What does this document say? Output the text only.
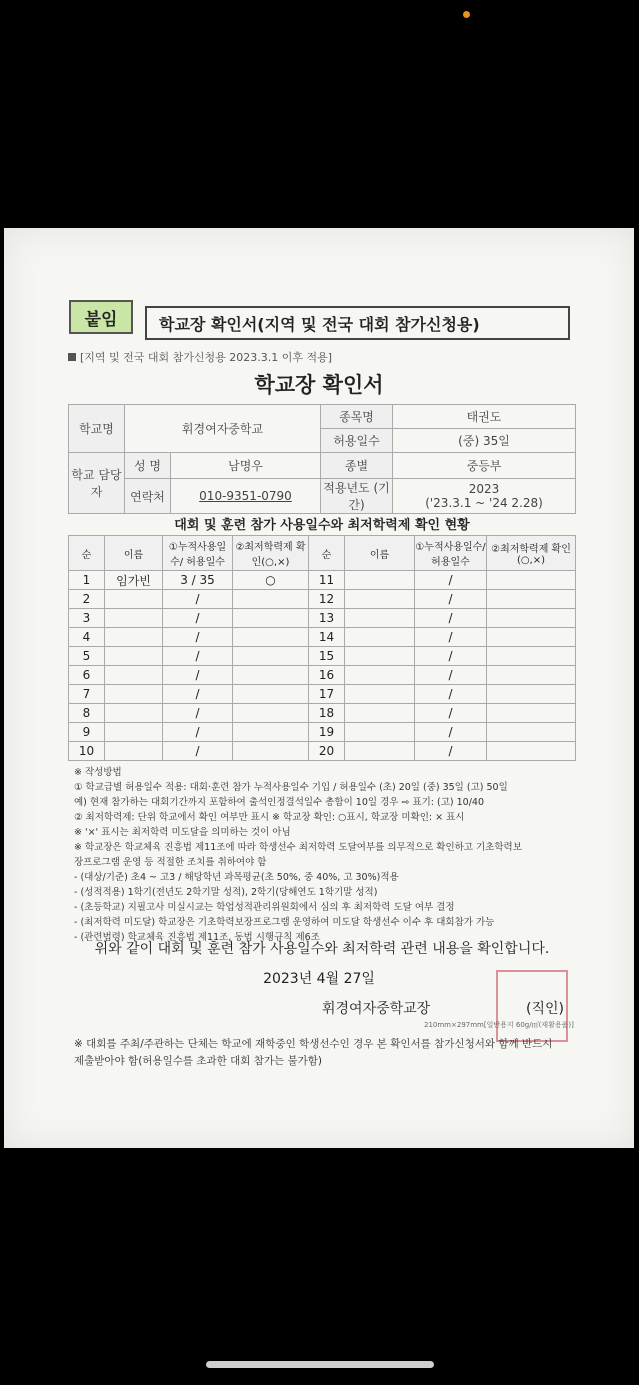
붙임	학교장 확인서(지역 및 전국 대회 참가신청용)
[지역 및 전국 대회 참가신청용 2023.3.1 이후 적용]
학교장 확인서
학교명	휘경여자중학교		종목명	태권도
			허용일수	(중) 35일
학교 담당자	성 명	남명우	종별	중등부
	연락처	010-9351-0790	적용년도 (기간)	2023
('23.3.1 ~ '24 2.28)
대회 및 훈련 참가 사용일수와 최저학력제 확인 현황
순	이름	①누적사용일수/ 허용일수	②최저학력제 확인(○,×)	순	이름	①누적사용일수/ 허용일수	②최저학력제 확인(○,×)
1	임가빈	3 / 35	○	11		/	
2		/		12		/	
3		/		13		/	
4		/		14		/	
5		/		15		/	
6		/		16		/	
7		/		17		/	
8		/		18		/	
9		/		19		/	
10		/		20		/	
※ 작성방법
① 학교급별 허용일수 적용: 대회·훈련 참가 누적사용일수 기입 / 허용일수 (초) 20일 (중) 35일 (고) 50일
예) 현재 참가하는 대회기간까지 포함하여 출석인정결석일수 총합이 10일 경우 ⇨ 표기: (고) 10/40
② 최저학력제: 단위 학교에서 확인 여부만 표시 ※ 학교장 확인: ○표시, 학교장 미확인: × 표시
※ '×' 표시는 최저학력 미도달을 의미하는 것이 아님
※ 학교장은 학교체육 진흥법 제11조에 따라 학생선수 최저학력 도달여부를 의무적으로 확인하고 기초학력보
장프로그램 운영 등 적절한 조치를 취하여야 함
- (대상/기준) 초4 ~ 고3 / 해당학년 과목평균(초 50%, 중 40%, 고 30%)적용
- (성적적용) 1학기(전년도 2학기말 성적), 2학기(당해연도 1학기말 성적)
- (초등학교) 지필고사 미실시교는 학업성적관리위원회에서 심의 후 최저학력 도달 여부 결정
- (최저학력 미도달) 학교장은 기초학력보장프로그램 운영하여 미도달 학생선수 이수 후 대회참가 가능
- (관련법령) 학교체육 진흥법 제11조, 동법 시행규칙 제6조
위와 같이 대회 및 훈련 참가 사용일수와 최저학력 관련 내용을 확인합니다.
2023년 4월 27일
휘경여자중학교장	(직인)
210mm×297mm[일반용지 60g/㎡(재활용품)]
※ 대회를 주최/주관하는 단체는 학교에 재학중인 학생선수인 경우 본 확인서를 참가신청서와 함께 반드시 제출받아야 함(허용일수를 초과한 대회 참가는 불가함)
